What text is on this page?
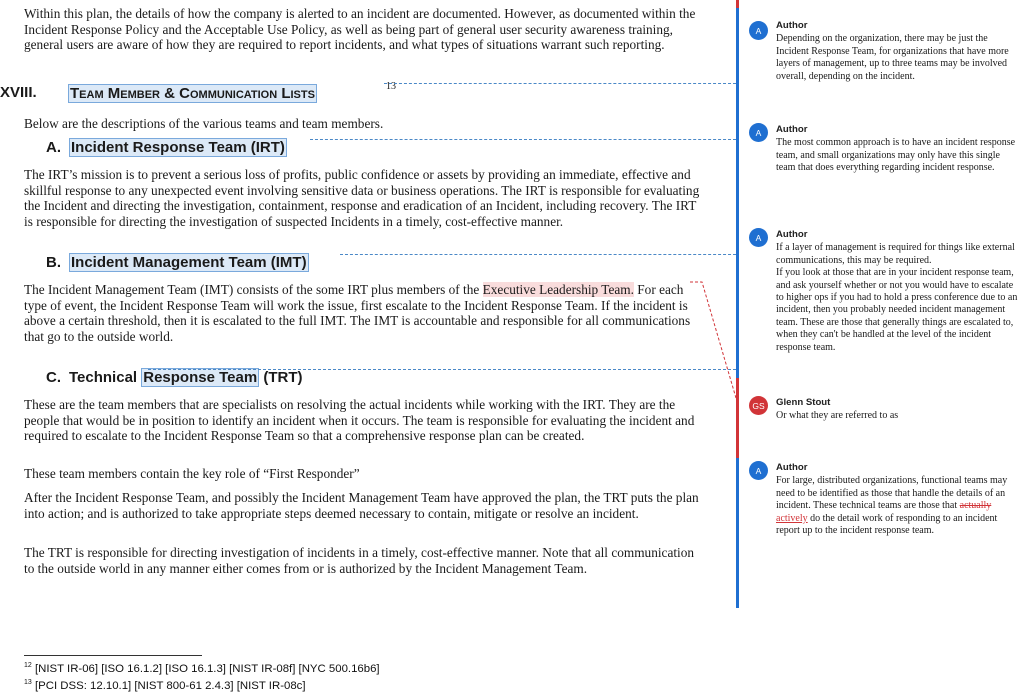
Within this plan, the details of how the company is alerted to an incident are documented. However, as documented within the Incident Response Policy and the Acceptable Use Policy, as well as being part of general user security awareness training, general users are aware of how they are required to report incidents, and what types of situations warrant such reporting.

XVIII. Team Member & Communication Lists	13

Below are the descriptions of the various teams and team members.

A. Incident Response Team (IRT)

The IRT’s mission is to prevent a serious loss of profits, public confidence or assets by providing an immediate, effective and skillful response to any unexpected event involving sensitive data or business operations. The IRT is responsible for evaluating the Incident and directing the investigation, containment, response and eradication of an Incident, including recovery. The IRT is responsible for directing the investigation of suspected Incidents in a timely, cost-effective manner.

B. Incident Management Team (IMT)

The Incident Management Team (IMT) consists of the some IRT plus members of the Executive Leadership Team. For each type of event, the Incident Response Team will work the issue, first escalate to the Incident Response Team. If the incident is above a certain threshold, then it is escalated to the full IMT. The IMT is accountable and responsible for all communications that go to the outside world.

C. Technical Response Team (TRT)

These are the team members that are specialists on resolving the actual incidents while working with the IRT. They are the people that would be in position to identify an incident when it occurs. The team is responsible for evaluating the incident and required to escalate to the Incident Response Team so that a comprehensive response plan can be created.

These team members contain the key role of “First Responder”

After the Incident Response Team, and possibly the Incident Management Team have approved the plan, the TRT puts the plan into action; and is authorized to take appropriate steps deemed necessary to contain, mitigate or resolve an incident.

The TRT is responsible for directing investigation of incidents in a timely, cost-effective manner. Note that all communication to the outside world in any manner either comes from or is authorized by the Incident Management Team.

$^{12}$ [NIST IR-06] [ISO 16.1.2] [ISO 16.1.3] [NIST IR-08f] [NYC 500.16b6]
$^{13}$ [PCI DSS: 12.10.1] [NIST 800-61 2.4.3] [NIST IR-08c]
A Author
Depending on the organization, there may be just the Incident Response Team, for organizations that have more layers of management, up to three teams may be involved overall, depending on the incident.
A Author
The most common approach is to have an incident response team, and small organizations may only have this single team that does everything regarding incident response.
A Author
If a layer of management is required for things like external communications, this may be required.
If you look at those that are in your incident response team, and ask yourself whether or not you would have to escalate to higher ops if you had to hold a press conference due to an incident, then you probably needed incident management team. These are those that generally things are escalated to, when they can't be handled at the level of the incident response team.
GS Glenn Stout
Or what they are referred to as
A Author
For large, distributed organizations, functional teams may need to be identified as those that handle the details of an incident. These technical teams are those that actually actively do the detail work of responding to an incident report up to the incident response team.
